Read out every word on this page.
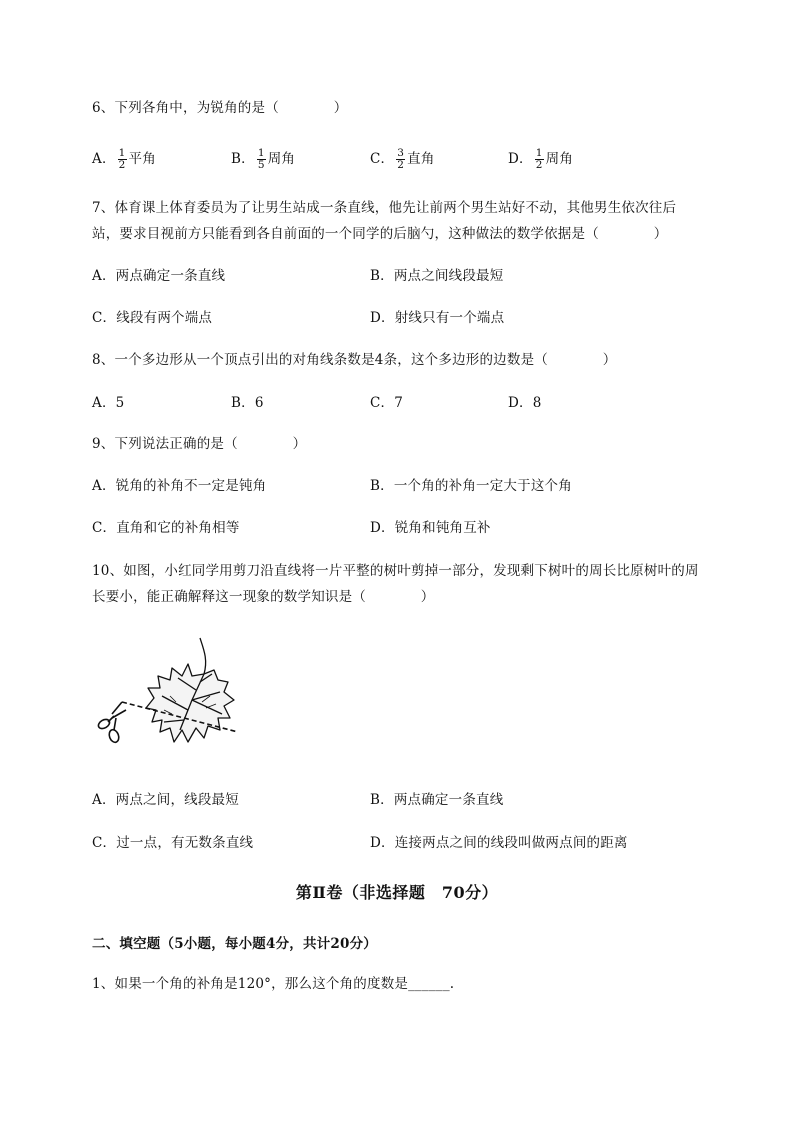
6、下列各角中，为锐角的是（　　　　）
A． $\frac{1}{2}$ 平角	B． $\frac{1}{5}$ 周角	C． $\frac{3}{2}$ 直角	D． $\frac{1}{2}$ 周角
7、体育课上体育委员为了让男生站成一条直线，他先让前两个男生站好不动，其他男生依次往后
站，要求目视前方只能看到各自前面的一个同学的后脑勺，这种做法的数学依据是（　　　　）
A．两点确定一条直线	B．两点之间线段最短
C．线段有两个端点	D．射线只有一个端点
8、一个多边形从一个顶点引出的对角线条数是4条，这个多边形的边数是（　　　　）
A．5	B．6	C．7	D．8
9、下列说法正确的是（　　　　）
A．锐角的补角不一定是钝角	B．一个角的补角一定大于这个角
C．直角和它的补角相等	D．锐角和钝角互补
10、如图，小红同学用剪刀沿直线将一片平整的树叶剪掉一部分，发现剩下树叶的周长比原树叶的周
长要小，能正确解释这一现象的数学知识是（　　　　）
A．两点之间，线段最短	B．两点确定一条直线
C．过一点，有无数条直线	D．连接两点之间的线段叫做两点间的距离
第Ⅱ卷（非选择题　70分）
二、填空题（5小题，每小题4分，共计20分）
1、如果一个角的补角是120°，那么这个角的度数是______.
